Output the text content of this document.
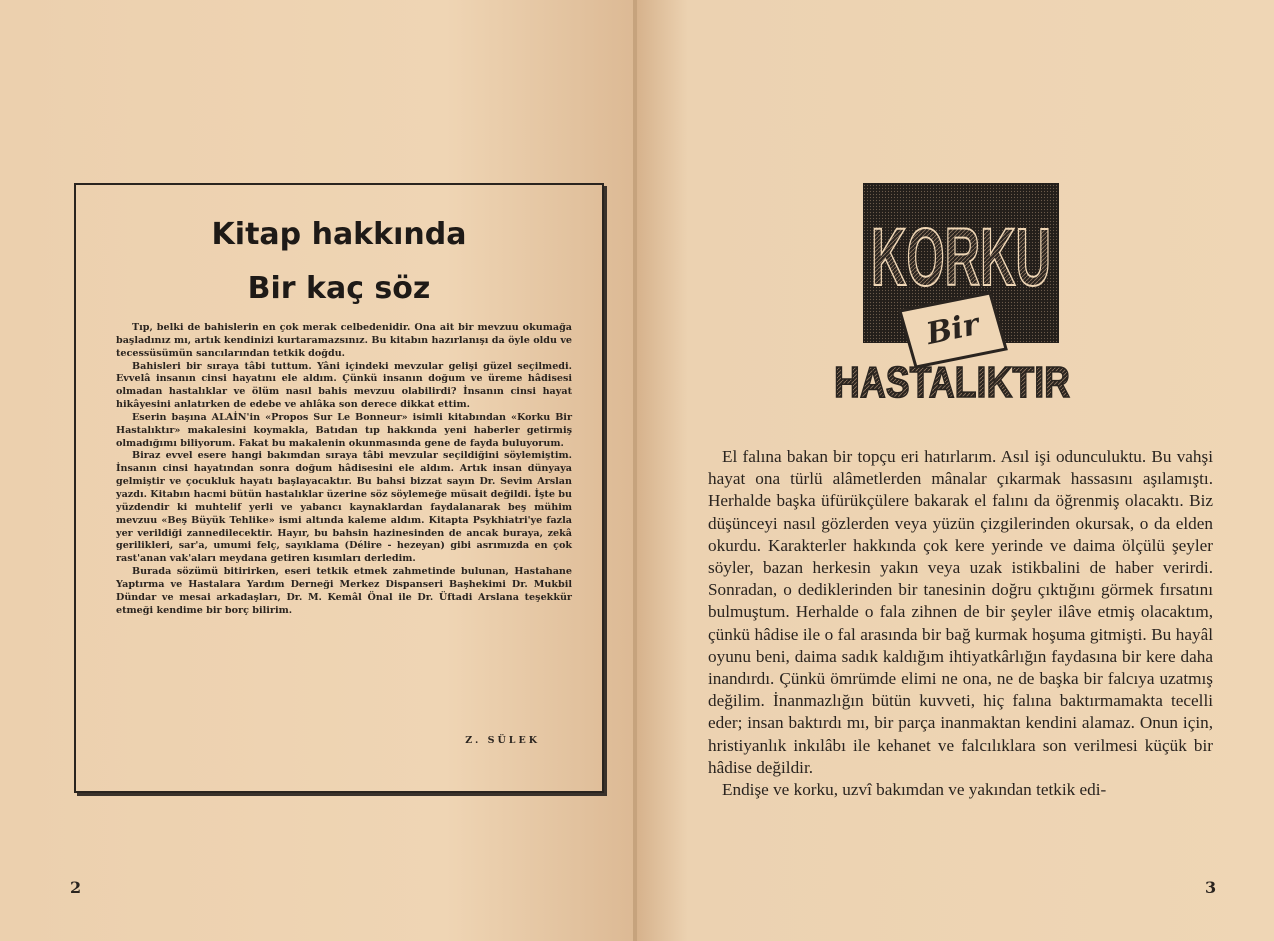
Kitap hakkında
Bir kaç söz

Tıp, belki de bahislerin en çok merak celbedenidir. Ona ait bir mevzuu okumağa başladınız mı, artık kendinizi kurtaramazsınız. Bu kitabın hazırlanışı da öyle oldu ve tecessüsümün sancılarından tetkik doğdu.

Bahisleri bir sıraya tâbi tuttum. Yâni içindeki mevzular gelişi güzel seçilmedi. Evvelâ insanın cinsi hayatını ele aldım. Çünkü insanın doğum ve üreme hâdisesi olmadan hastalıklar ve ölüm nasıl bahis mevzuu olabilirdi? İnsanın cinsi hayat hikâyesini anlatırken de edebe ve ahlâka son derece dikkat ettim.

Eserin başına ALAİN'in «Propos Sur Le Bonneur» isimli kitabından «Korku Bir Hastalıktır» makalesini koymakla, Batıdan tıp hakkında yeni haberler getirmiş olmadığımı biliyorum. Fakat bu makalenin okunmasında gene de fayda buluyorum.

Biraz evvel esere hangi bakımdan sıraya tâbi mevzular seçildiğini söylemiştim. İnsanın cinsi hayatından sonra doğum hâdisesini ele aldım. Artık insan dünyaya gelmiştir ve çocukluk hayatı başlayacaktır. Bu bahsi bizzat sayın Dr. Sevim Arslan yazdı. Kitabın hacmi bütün hastalıklar üzerine söz söylemeğe müsait değildi. İşte bu yüzdendir ki muhtelif yerli ve yabancı kaynaklardan faydalanarak beş mühim mevzuu «Beş Büyük Tehlike» ismi altında kaleme aldım. Kitapta Psykhiatri'ye fazla yer verildiği zannedilecektir. Hayır, bu bahsin hazinesinden de ancak buraya, zekâ gerilikleri, sar'a, umumi felç, sayıklama (Délire - hezeyan) gibi asrımızda en çok rast'anan vak'aları meydana getiren kısımları derledim.

Burada sözümü bitirirken, eseri tetkik etmek zahmetinde bulunan, Hastahane Yaptırma ve Hastalara Yardım Derneği Merkez Dispanseri Başhekimi Dr. Mukbil Dündar ve mesai arkadaşları, Dr. M. Kemâl Önal ile Dr. Üftadi Arslana teşekkür etmeği kendime bir borç bilirim.

Z. SÜLEK
2
KORKU
Bir
HASTALIKTIR

El falına bakan bir topçu eri hatırlarım. Asıl işi odunculuktu. Bu vahşi hayat ona türlü alâmetlerden mânalar çıkarmak hassasını aşılamıştı. Herhalde başka üfürükçülere bakarak el falını da öğrenmiş olacaktı. Biz düşünceyi nasıl gözlerden veya yüzün çizgilerinden okursak, o da elden okurdu. Karakterler hakkında çok kere yerinde ve daima ölçülü şeyler söyler, bazan herkesin yakın veya uzak istikbalini de haber verirdi. Sonradan, o dediklerinden bir tanesinin doğru çıktığını görmek fırsatını bulmuştum. Herhalde o fala zihnen de bir şeyler ilâve etmiş olacaktım, çünkü hâdise ile o fal arasında bir bağ kurmak hoşuma gitmişti. Bu hayâl oyunu beni, daima sadık kaldığım ihtiyatkârlığın faydasına bir kere daha inandırdı. Çünkü ömrümde elimi ne ona, ne de başka bir falcıya uzatmış değilim. İnanmazlığın bütün kuvveti, hiç falına baktırmamakta tecelli eder; insan baktırdı mı, bir parça inanmaktan kendini alamaz. Onun için, hristiyanlık inkılâbı ile kehanet ve falcılıklara son verilmesi küçük bir hâdise değildir.

Endişe ve korku, uzvî bakımdan ve yakından tetkik edi-

3
